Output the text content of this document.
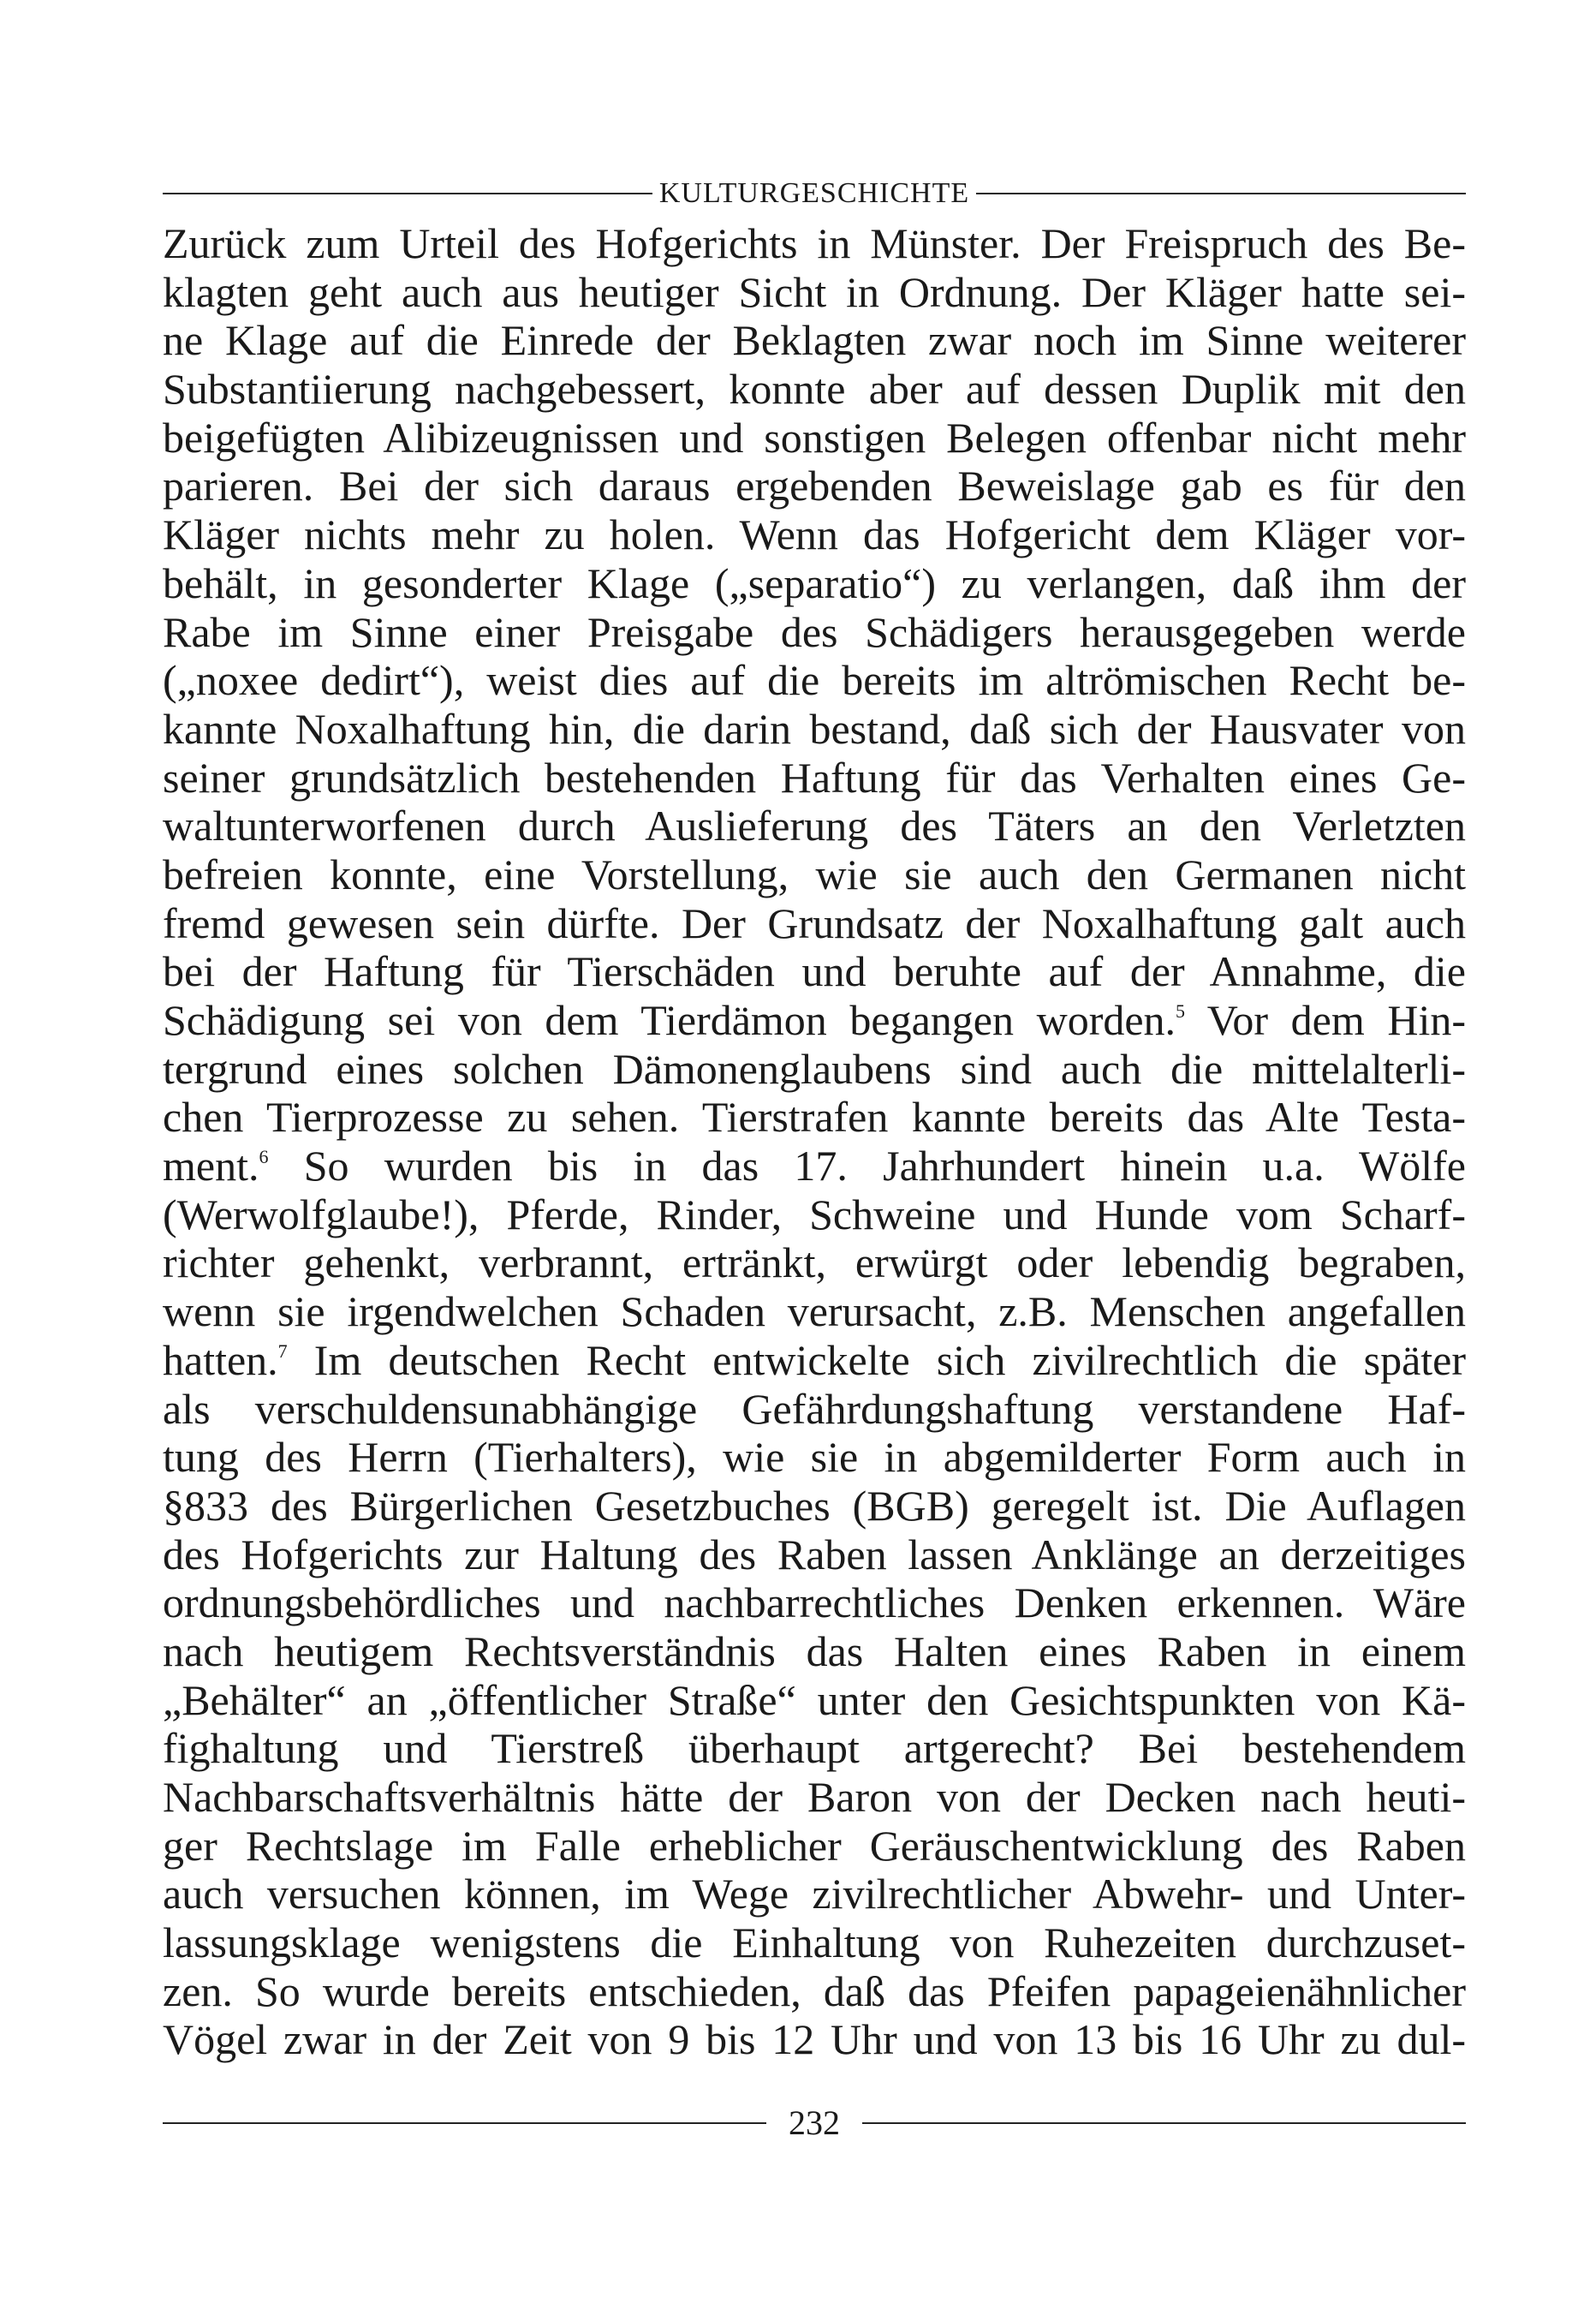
KULTURGESCHICHTE
Zurück zum Urteil des Hofgerichts in Münster. Der Freispruch des Be-
klagten geht auch aus heutiger Sicht in Ordnung. Der Kläger hatte sei-
ne Klage auf die Einrede der Beklagten zwar noch im Sinne weiterer
Substantiierung nachgebessert, konnte aber auf dessen Duplik mit den
beigefügten Alibizeugnissen und sonstigen Belegen offenbar nicht mehr
parieren. Bei der sich daraus ergebenden Beweislage gab es für den
Kläger nichts mehr zu holen. Wenn das Hofgericht dem Kläger vor-
behält, in gesonderter Klage („separatio“) zu verlangen, daß ihm der
Rabe im Sinne einer Preisgabe des Schädigers herausgegeben werde
(„noxee dedirt“), weist dies auf die bereits im altrömischen Recht be-
kannte Noxalhaftung hin, die darin bestand, daß sich der Hausvater von
seiner grundsätzlich bestehenden Haftung für das Verhalten eines Ge-
waltunterworfenen durch Auslieferung des Täters an den Verletzten
befreien konnte, eine Vorstellung, wie sie auch den Germanen nicht
fremd gewesen sein dürfte. Der Grundsatz der Noxalhaftung galt auch
bei der Haftung für Tierschäden und beruhte auf der Annahme, die
Schädigung sei von dem Tierdämon begangen worden.$^5$ Vor dem Hin-
tergrund eines solchen Dämonenglaubens sind auch die mittelalterli-
chen Tierprozesse zu sehen. Tierstrafen kannte bereits das Alte Testa-
ment.$^6$ So wurden bis in das 17. Jahrhundert hinein u.a. Wölfe
(Werwolfglaube!), Pferde, Rinder, Schweine und Hunde vom Scharf-
richter gehenkt, verbrannt, ertränkt, erwürgt oder lebendig begraben,
wenn sie irgendwelchen Schaden verursacht, z.B. Menschen angefallen
hatten.$^7$ Im deutschen Recht entwickelte sich zivilrechtlich die später
als verschuldensunabhängige Gefährdungshaftung verstandene Haf-
tung des Herrn (Tierhalters), wie sie in abgemilderter Form auch in
§833 des Bürgerlichen Gesetzbuches (BGB) geregelt ist. Die Auflagen
des Hofgerichts zur Haltung des Raben lassen Anklänge an derzeitiges
ordnungsbehördliches und nachbarrechtliches Denken erkennen. Wäre
nach heutigem Rechtsverständnis das Halten eines Raben in einem
„Behälter“ an „öffentlicher Straße“ unter den Gesichtspunkten von Kä-
fighaltung und Tierstreß überhaupt artgerecht? Bei bestehendem
Nachbarschaftsverhältnis hätte der Baron von der Decken nach heuti-
ger Rechtslage im Falle erheblicher Geräuschentwicklung des Raben
auch versuchen können, im Wege zivilrechtlicher Abwehr- und Unter-
lassungsklage wenigstens die Einhaltung von Ruhezeiten durchzuset-
zen. So wurde bereits entschieden, daß das Pfeifen papageienähnlicher
Vögel zwar in der Zeit von 9 bis 12 Uhr und von 13 bis 16 Uhr zu dul-
232
